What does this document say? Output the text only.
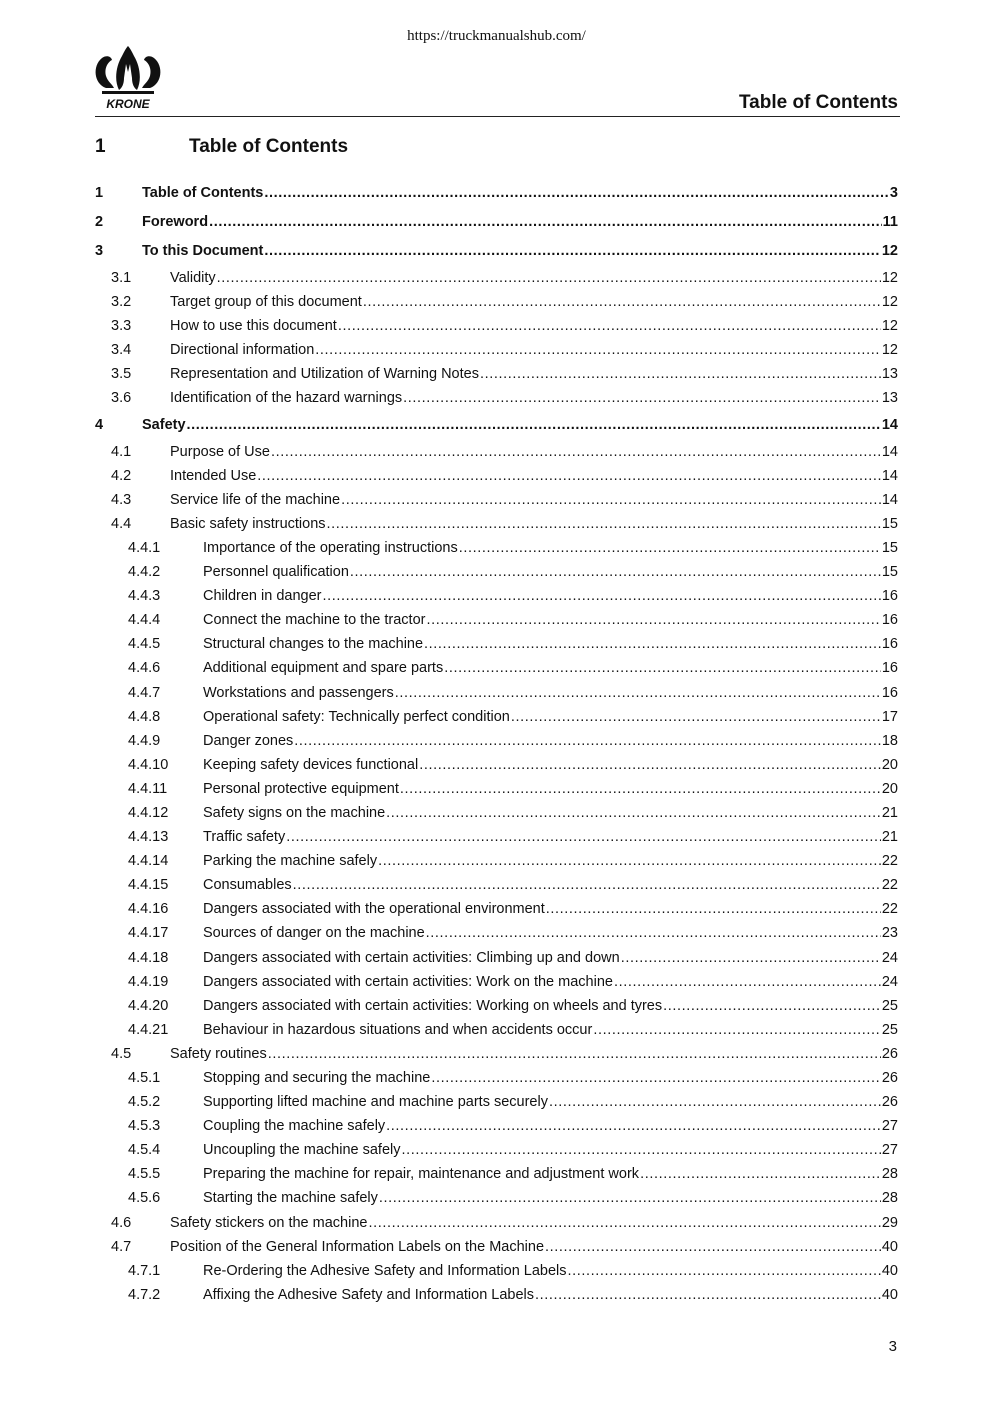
https://truckmanualshub.com/
KRONE	Table of Contents
1	Table of Contents
1	Table of Contents .....	3
2	Foreword .....	11
3	To this Document .....	12
3.1	Validity .....	12
3.2	Target group of this document .....	12
3.3	How to use this document .....	12
3.4	Directional information .....	12
3.5	Representation and Utilization of Warning Notes .....	13
3.6	Identification of the hazard warnings .....	13
4	Safety .....	14
4.1	Purpose of Use .....	14
4.2	Intended Use .....	14
4.3	Service life of the machine .....	14
4.4	Basic safety instructions .....	15
4.4.1	Importance of the operating instructions .....	15
4.4.2	Personnel qualification .....	15
4.4.3	Children in danger .....	16
4.4.4	Connect the machine to the tractor .....	16
4.4.5	Structural changes to the machine .....	16
4.4.6	Additional equipment and spare parts .....	16
4.4.7	Workstations and passengers .....	16
4.4.8	Operational safety: Technically perfect condition .....	17
4.4.9	Danger zones .....	18
4.4.10	Keeping safety devices functional .....	20
4.4.11	Personal protective equipment .....	20
4.4.12	Safety signs on the machine .....	21
4.4.13	Traffic safety .....	21
4.4.14	Parking the machine safely .....	22
4.4.15	Consumables .....	22
4.4.16	Dangers associated with the operational environment .....	22
4.4.17	Sources of danger on the machine .....	23
4.4.18	Dangers associated with certain activities: Climbing up and down .....	24
4.4.19	Dangers associated with certain activities: Work on the machine .....	24
4.4.20	Dangers associated with certain activities: Working on wheels and tyres .....	25
4.4.21	Behaviour in hazardous situations and when accidents occur .....	25
4.5	Safety routines .....	26
4.5.1	Stopping and securing the machine .....	26
4.5.2	Supporting lifted machine and machine parts securely .....	26
4.5.3	Coupling the machine safely .....	27
4.5.4	Uncoupling the machine safely .....	27
4.5.5	Preparing the machine for repair, maintenance and adjustment work .....	28
4.5.6	Starting the machine safely .....	28
4.6	Safety stickers on the machine .....	29
4.7	Position of the General Information Labels on the Machine .....	40
4.7.1	Re-Ordering the Adhesive Safety and Information Labels .....	40
4.7.2	Affixing the Adhesive Safety and Information Labels .....	40
3
